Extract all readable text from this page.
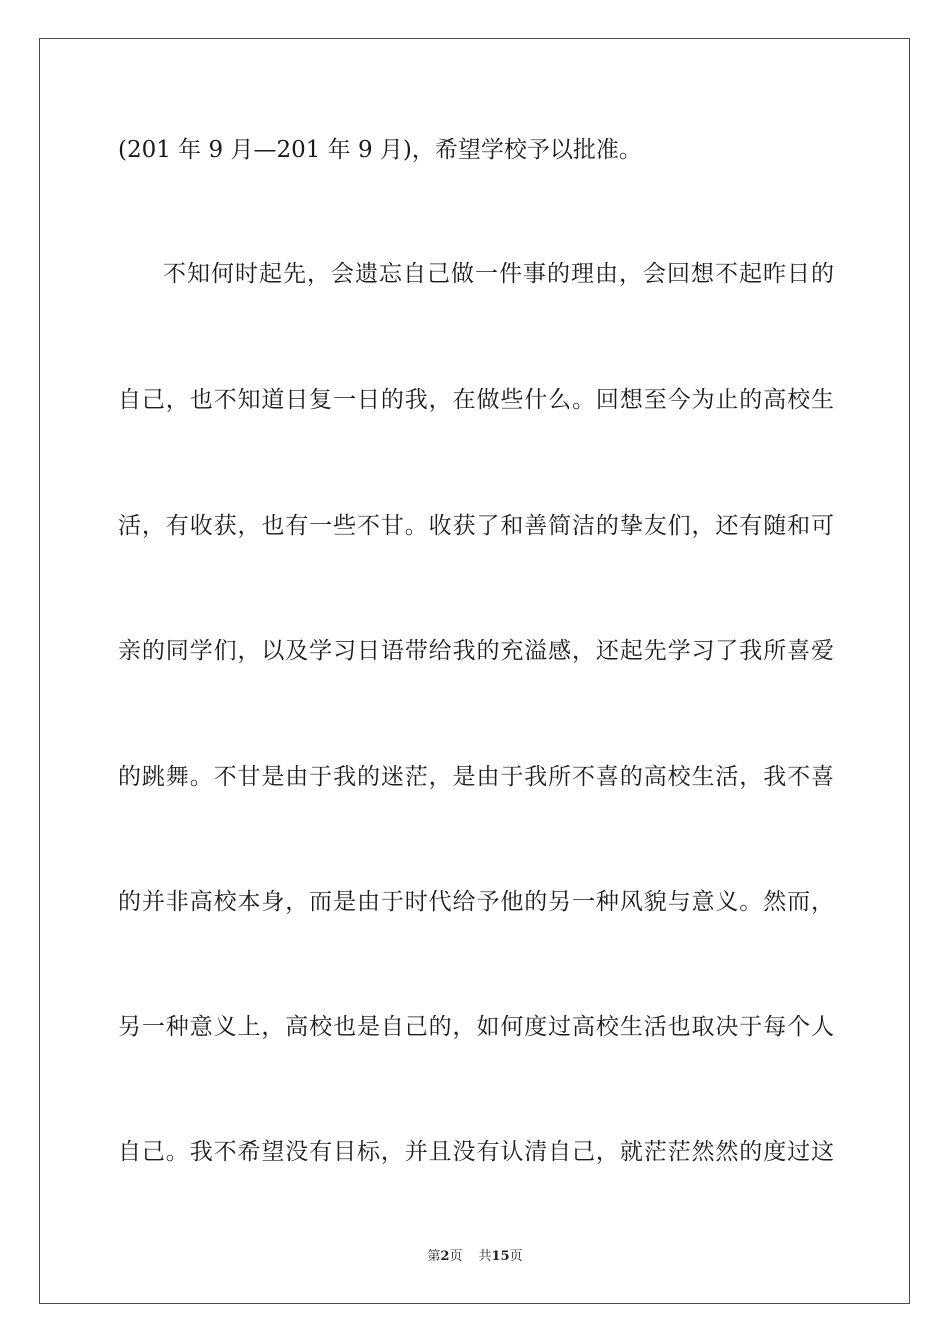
(201 年 9 月—201 年 9 月)，希望学校予以批准。
不知何时起先，会遗忘自己做一件事的理由，会回想不起昨日的
自己，也不知道日复一日的我，在做些什么。回想至今为止的高校生
活，有收获，也有一些不甘。收获了和善简洁的挚友们，还有随和可
亲的同学们，以及学习日语带给我的充溢感，还起先学习了我所喜爱
的跳舞。不甘是由于我的迷茫，是由于我所不喜的高校生活，我不喜
的并非高校本身，而是由于时代给予他的另一种风貌与意义。然而，
另一种意义上，高校也是自己的，如何度过高校生活也取决于每个人
自己。我不希望没有目标，并且没有认清自己，就茫茫然然的度过这
第2页 共15页
